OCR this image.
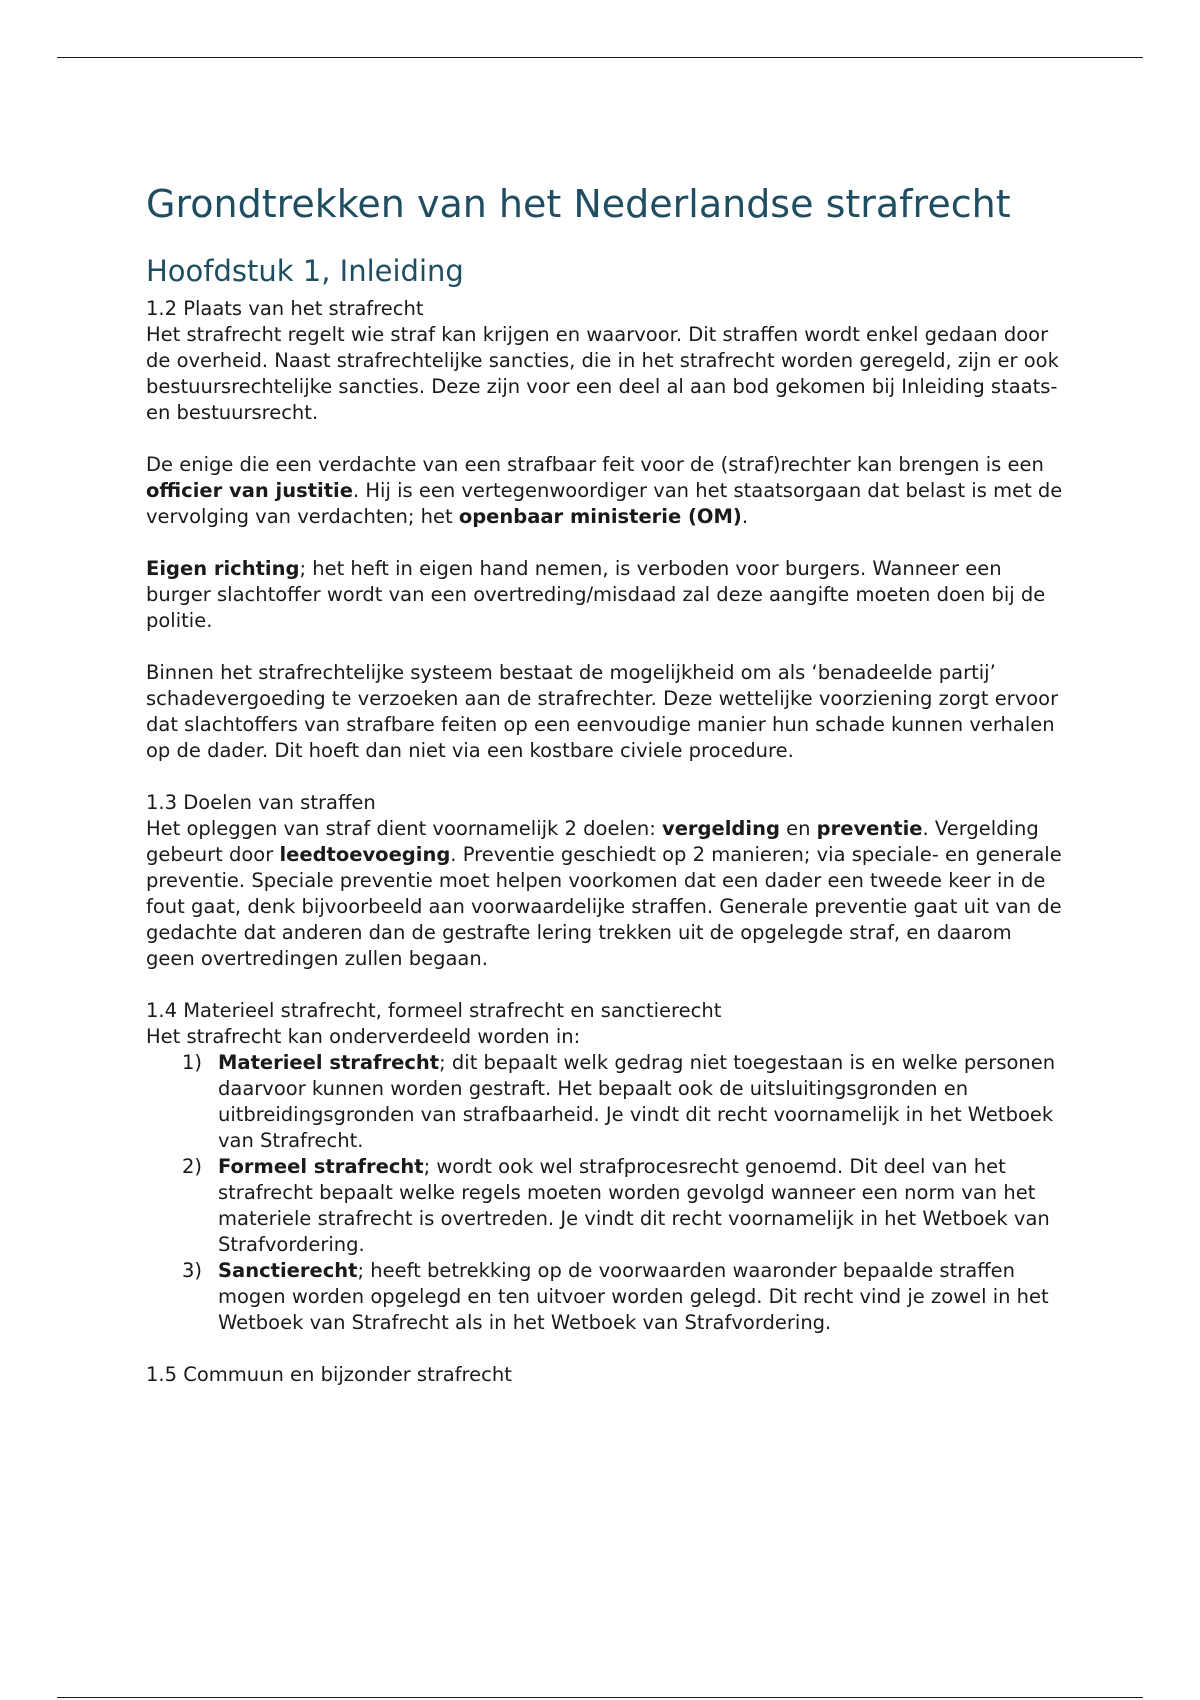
Grondtrekken van het Nederlandse strafrecht
Hoofdstuk 1, Inleiding
1.2 Plaats van het strafrecht

Het strafrecht regelt wie straf kan krijgen en waarvoor. Dit straffen wordt enkel gedaan door de overheid. Naast strafrechtelijke sancties, die in het strafrecht worden geregeld, zijn er ook bestuursrechtelijke sancties. Deze zijn voor een deel al aan bod gekomen bij Inleiding staats- en bestuursrecht.

De enige die een verdachte van een strafbaar feit voor de (straf)rechter kan brengen is een officier van justitie. Hij is een vertegenwoordiger van het staatsorgaan dat belast is met de vervolging van verdachten; het openbaar ministerie (OM).

Eigen richting; het heft in eigen hand nemen, is verboden voor burgers. Wanneer een burger slachtoffer wordt van een overtreding/misdaad zal deze aangifte moeten doen bij de politie.

Binnen het strafrechtelijke systeem bestaat de mogelijkheid om als ‘benadeelde partij’ schadevergoeding te verzoeken aan de strafrechter. Deze wettelijke voorziening zorgt ervoor dat slachtoffers van strafbare feiten op een eenvoudige manier hun schade kunnen verhalen op de dader. Dit hoeft dan niet via een kostbare civiele procedure.

1.3 Doelen van straffen

Het opleggen van straf dient voornamelijk 2 doelen: vergelding en preventie. Vergelding gebeurt door leedtoevoeging. Preventie geschiedt op 2 manieren; via speciale- en generale preventie. Speciale preventie moet helpen voorkomen dat een dader een tweede keer in de fout gaat, denk bijvoorbeeld aan voorwaardelijke straffen. Generale preventie gaat uit van de gedachte dat anderen dan de gestrafte lering trekken uit de opgelegde straf, en daarom geen overtredingen zullen begaan.

1.4 Materieel strafrecht, formeel strafrecht en sanctierecht

Het strafrecht kan onderverdeeld worden in:

1) Materieel strafrecht; dit bepaalt welk gedrag niet toegestaan is en welke personen daarvoor kunnen worden gestraft. Het bepaalt ook de uitsluitingsgronden en uitbreidingsgronden van strafbaarheid. Je vindt dit recht voornamelijk in het Wetboek van Strafrecht.
2) Formeel strafrecht; wordt ook wel strafprocesrecht genoemd. Dit deel van het strafrecht bepaalt welke regels moeten worden gevolgd wanneer een norm van het materiele strafrecht is overtreden. Je vindt dit recht voornamelijk in het Wetboek van Strafvordering.
3) Sanctierecht; heeft betrekking op de voorwaarden waaronder bepaalde straffen mogen worden opgelegd en ten uitvoer worden gelegd. Dit recht vind je zowel in het Wetboek van Strafrecht als in het Wetboek van Strafvordering.
1.5 Commuun en bijzonder strafrecht
